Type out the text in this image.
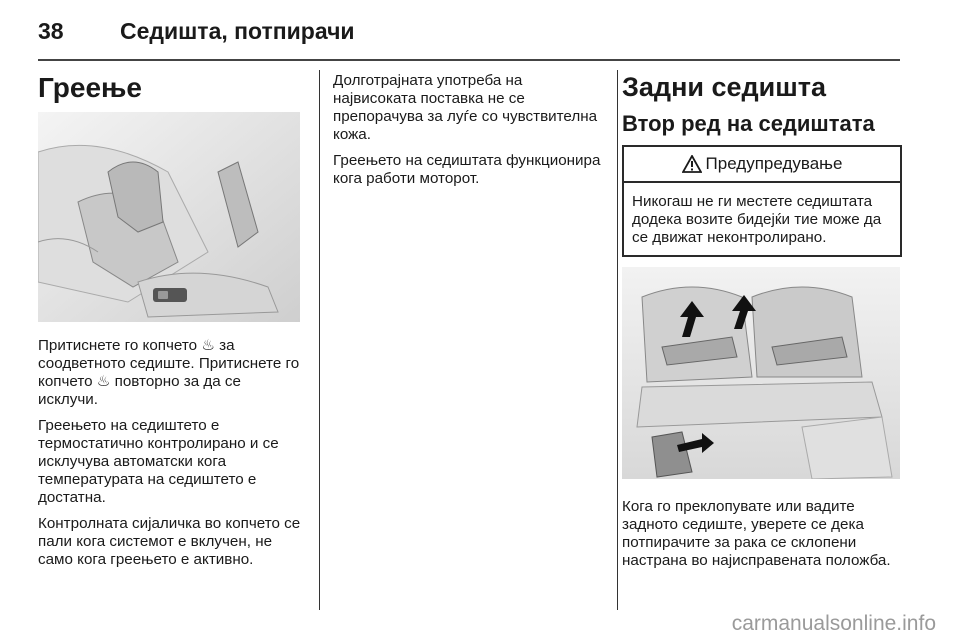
38 Седишта, потпирачи
Греење

Притиснете го копчето ♨ за соодветното седиште. Притиснете го копчето ♨ повторно за да се исклучи.

Греењето на седиштето е термостатично контролирано и се исклучува автоматски кога температурата на седиштето е достатна.

Контролната сијаличка во копчето се пали кога системот е вклучен, не само кога греењето е активно.

Долготрајната употреба на највисоката поставка не се препорачува за луѓе со чувствителна кожа.

Греењето на седиштата функционира кога работи моторот.

Задни седишта
Втор ред на седиштата
Предупредување
Никогаш не ги местете седиштата додека возите бидејќи тие може да се движат неконтролирано.

Кога го преклопувате или вадите задното седиште, уверете се дека потпирачите за рака се склопени настрана во најисправената положба.

carmanualsonline.info
